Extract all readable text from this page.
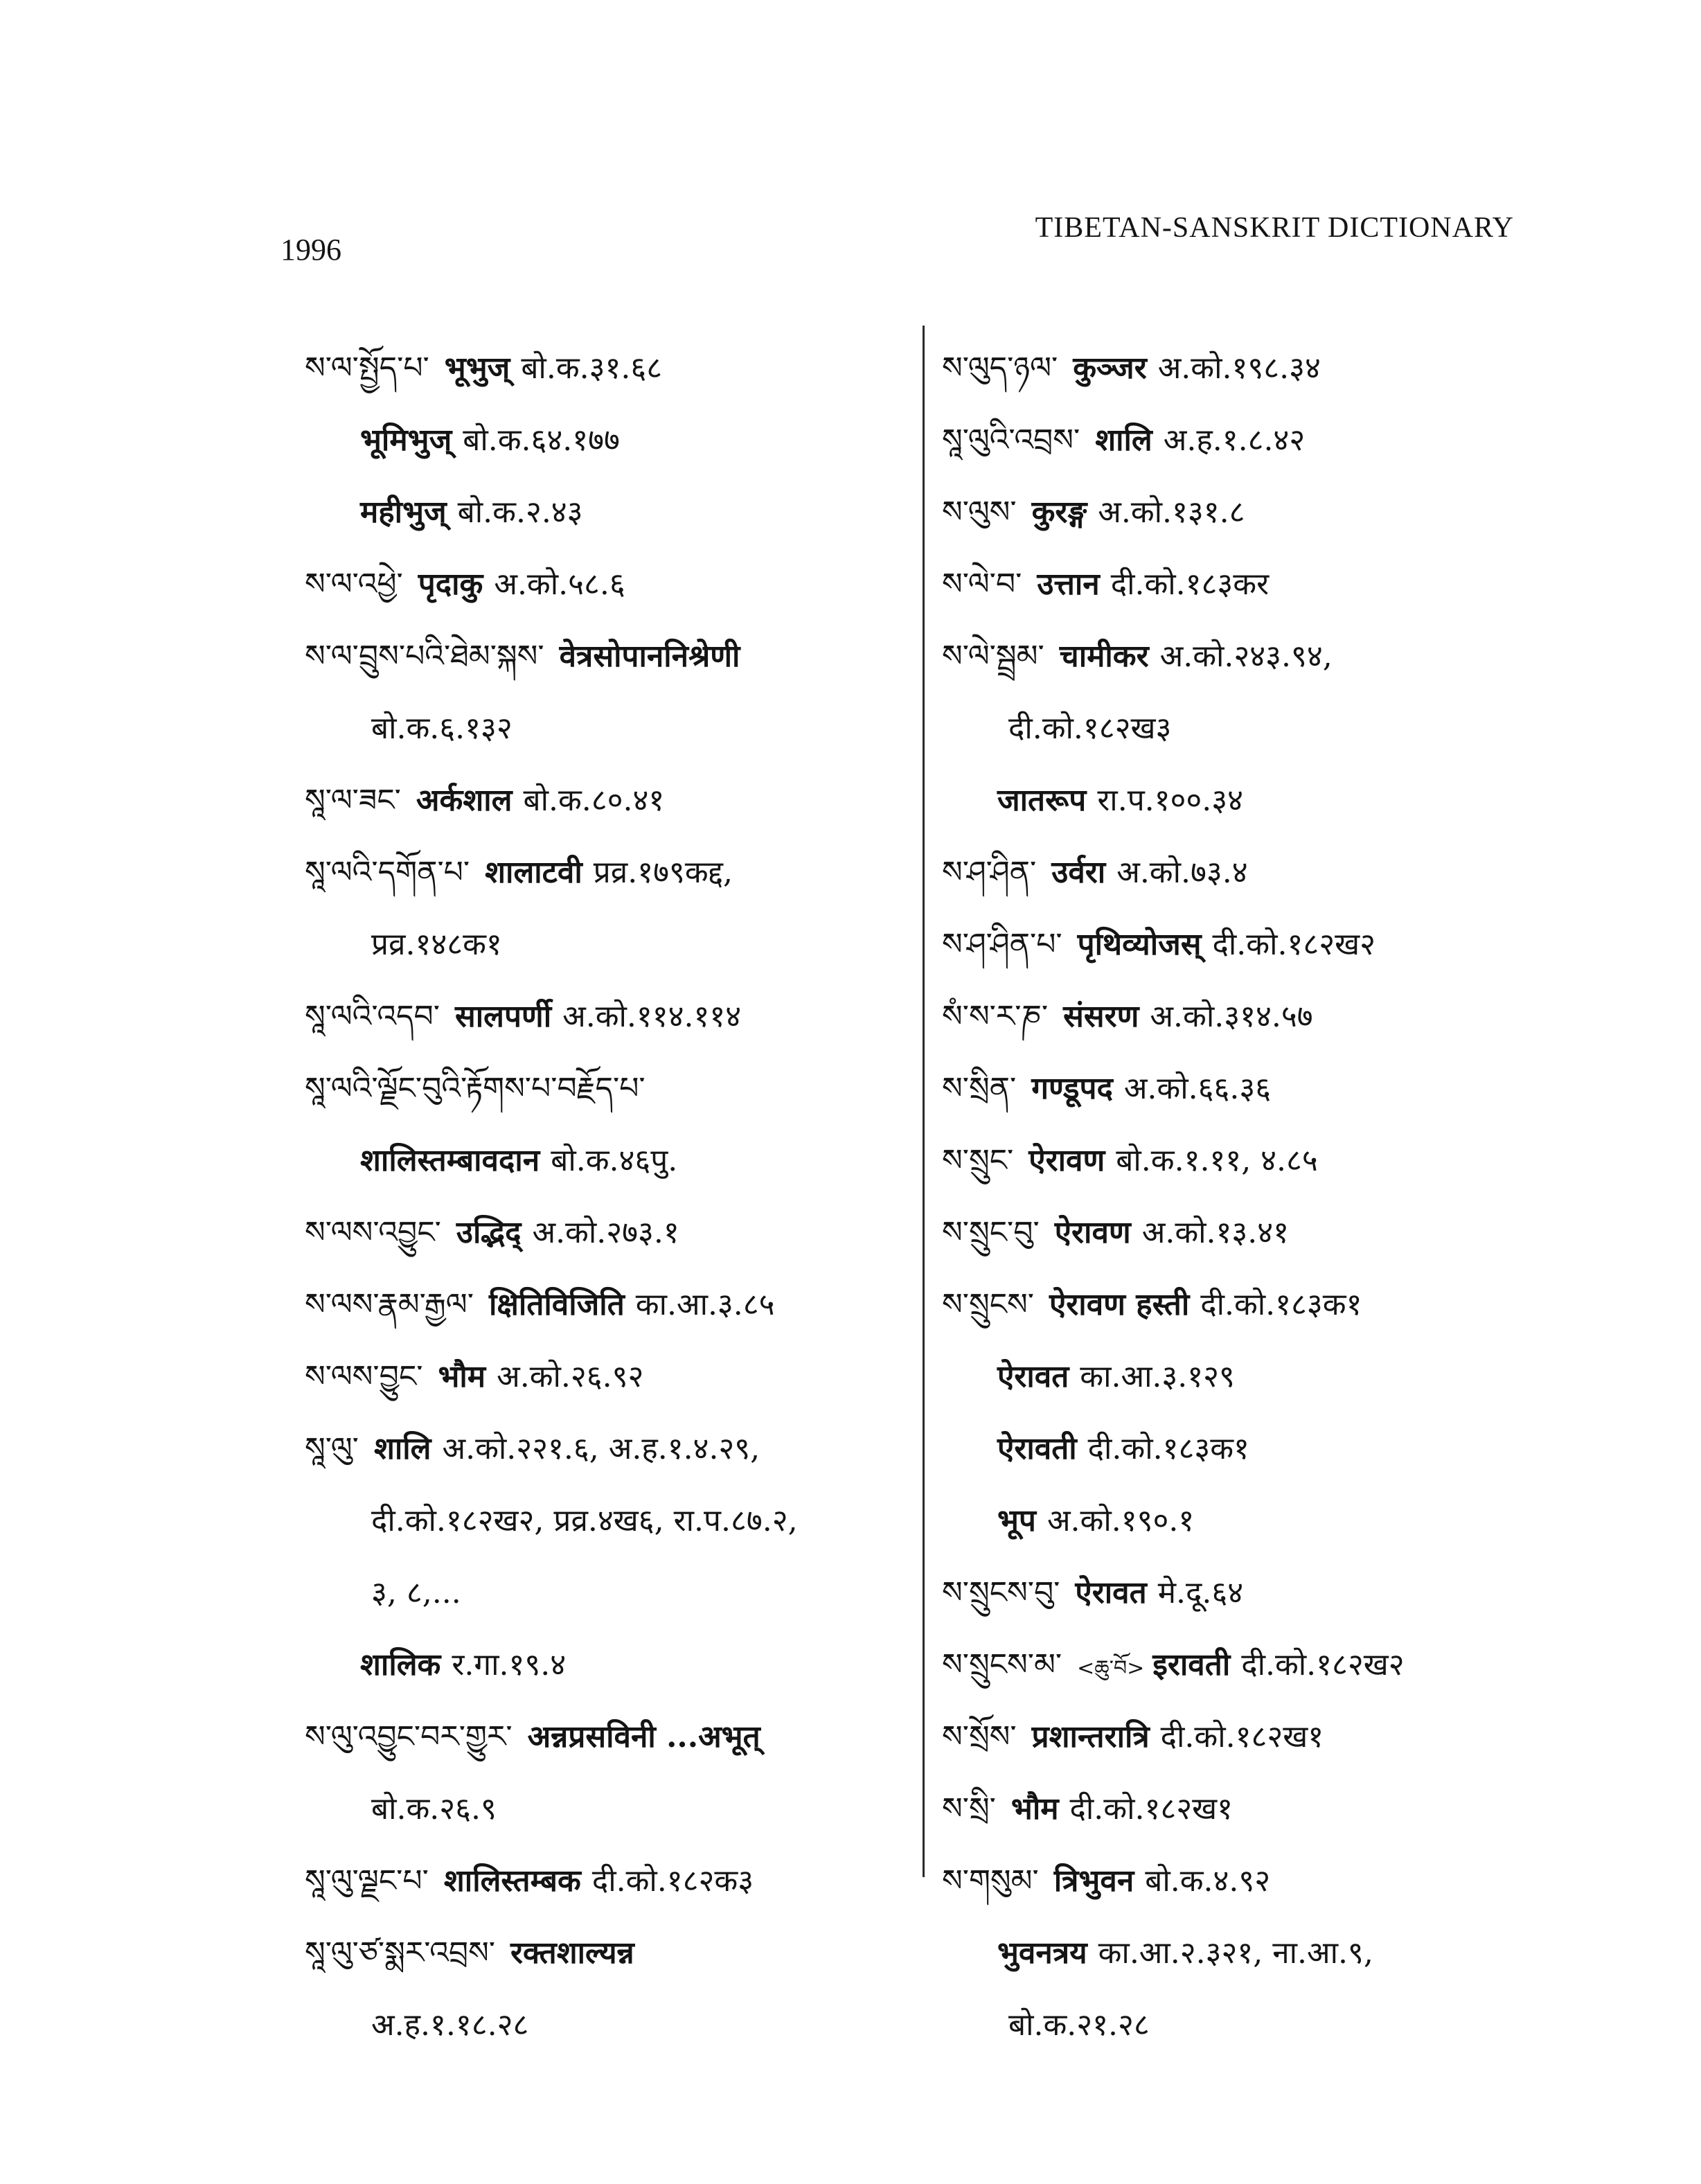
1996
TIBETAN-SANSKRIT DICTIONARY
ས་ལ་སྤྱོད་པ་ भूभुज् बो.क.३१.६८
भूमिभुज् बो.क.६४.१७७
महीभुज् बो.क.२.४३
ས་ལ་འཕྱེ་ पृदाकु अ.को.५८.६
ས་ལ་བྲུས་པའི་ཐེམ་སྐས་ वेत्रसोपाननिश्रेणी
बो.क.६.१३२
སཱ་ལ་ཟང་ अर्कशाल बो.क.८०.४१
སཱ་ལའི་དགོན་པ་ शालाटवी प्रव्र.१७९कद्द,
प्रव्र.१४८क१
སཱ་ལའི་འདབ་ सालपर्णी अ.को.११४.११४
སཱ་ལའི་ལྗོང་བུའི་རྟོགས་པ་བརྗོད་པ་
शालिस्तम्बावदान बो.क.४६पु.
ས་ལས་འབྱུང་ उद्भिद् अ.को.२७३.१
ས་ལས་རྣམ་རྒྱལ་ क्षितिविजिति का.आ.३.८५
ས་ལས་བྱུང་ भौम अ.को.२६.९२
སཱ་ལུ་ शालि अ.को.२२१.६, अ.ह.१.४.२९,
दी.को.१८२ख२, प्रव्र.४ख६, रा.प.८७.२,
३, ८,...
शालिक र.गा.१९.४
ས་ལུ་འབྱུང་བར་གྱུར་ अन्नप्रसविनी ...अभूत्
बो.क.२६.९
སཱ་ལུ་ལྗང་པ་ शालिस्तम्बक दी.को.१८२क३
སཱ་ལུ་ཙ་སྨར་འབྲས་ रक्तशाल्यन्न
अ.ह.१.१८.२८
ས་ལུད་ཉལ་ कुञ्जर अ.को.१९८.३४
སཱ་ལུའི་འབྲས་ शालि अ.ह.१.८.४२
ས་ལུས་ कुरङ्ग अ.को.१३१.८
ས་ལེ་བ་ उत्तान दी.को.१८३कर
ས་ལེ་སྦྲམ་ चामीकर अ.को.२४३.९४,
दी.को.१८२ख३
जातरूप रा.प.१००.३४
ས་ཤ་ཤིན་ उर्वरा अ.को.७३.४
ས་ཤ་ཤིན་པ་ पृथिव्योजस् दी.को.१८२ख२
སཾ་ས་ར་ཎ་ संसरण अ.को.३१४.५७
ས་སྲིན་ गण्डूपद अ.को.६६.३६
ས་སྲུང་ ऐरावण बो.क.१.११, ४.८५
ས་སྲུང་བུ་ ऐरावण अ.को.१३.४१
ས་སྲུངས་ ऐरावण हस्ती दी.को.१८३क१
ऐरावत का.आ.३.१२९
ऐरावती दी.को.१८३क१
भूप अ.को.१९०.१
ས་སྲུངས་བུ་ ऐरावत मे.दू.६४
ས་སྲུངས་མ་ <ཆུ་བོ> इरावती दी.को.१८२ख२
ས་སྲོས་ प्रशान्तरात्रि दी.को.१८२ख१
ས་སྲི་ भौम दी.को.१८२ख१
ས་གསུམ་ त्रिभुवन बो.क.४.९२
भुवनत्रय का.आ.२.३२१, ना.आ.९,
बो.क.२१.२८
